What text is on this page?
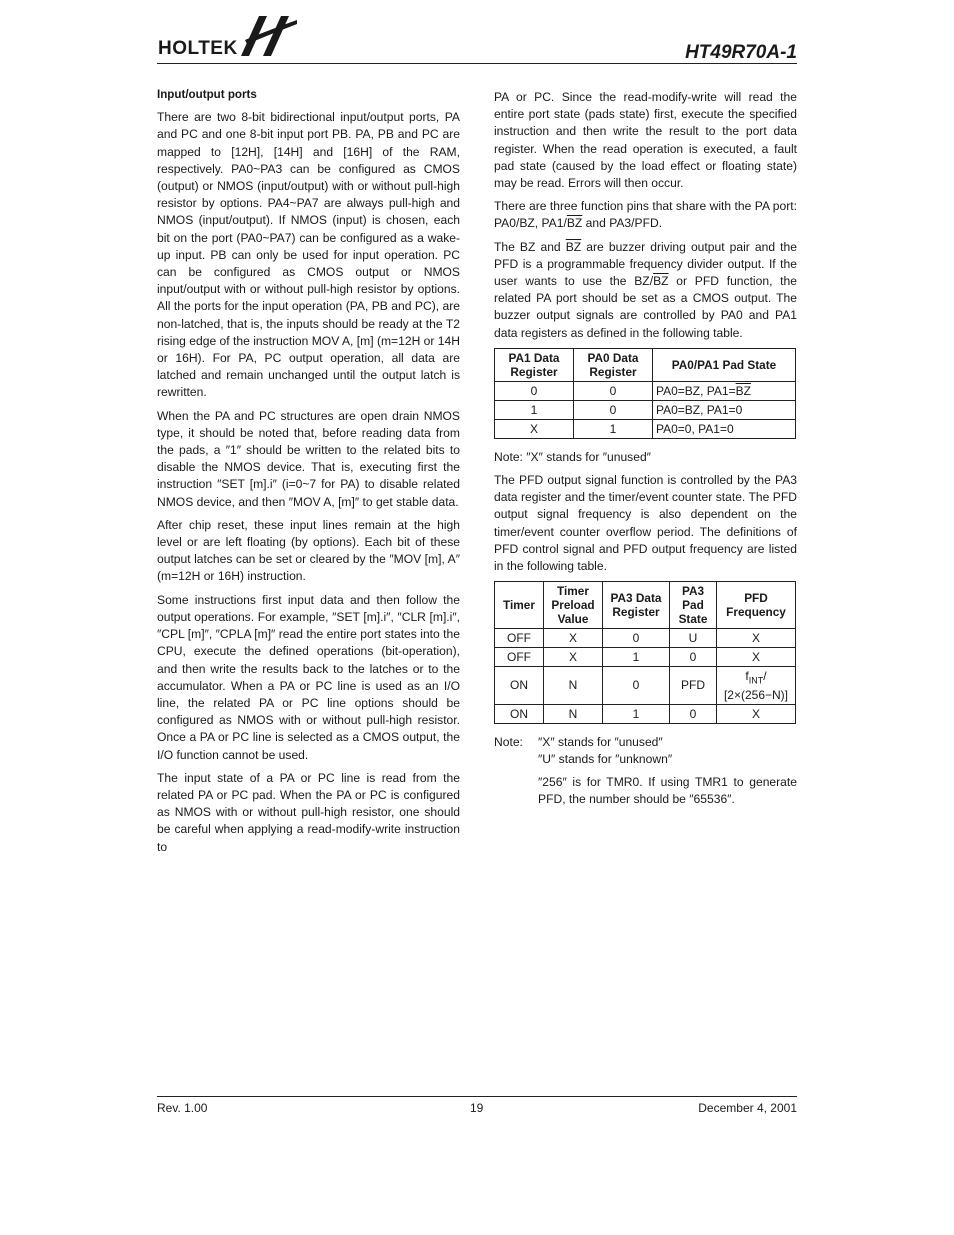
HOLTEK	HT49R70A-1
Input/output ports

There are two 8-bit bidirectional input/output ports, PA and PC and one 8-bit input port PB. PA, PB and PC are mapped to [12H], [14H] and [16H] of the RAM, respectively. PA0~PA3 can be configured as CMOS (output) or NMOS (input/output) with or without pull-high resistor by options. PA4~PA7 are always pull-high and NMOS (input/output). If NMOS (input) is chosen, each bit on the port (PA0~PA7) can be configured as a wake-up input. PB can only be used for input operation. PC can be configured as CMOS output or NMOS input/output with or without pull-high resistor by options. All the ports for the input operation (PA, PB and PC), are non-latched, that is, the inputs should be ready at the T2 rising edge of the instruction MOV A, [m] (m=12H or 14H or 16H). For PA, PC output operation, all data are latched and remain unchanged until the output latch is rewritten.

When the PA and PC structures are open drain NMOS type, it should be noted that, before reading data from the pads, a ″1″ should be written to the related bits to disable the NMOS device. That is, executing first the instruction ″SET [m].i″ (i=0~7 for PA) to disable related NMOS device, and then ″MOV A, [m]″ to get stable data.

After chip reset, these input lines remain at the high level or are left floating (by options). Each bit of these output latches can be set or cleared by the ″MOV [m], A″ (m=12H or 16H) instruction.

Some instructions first input data and then follow the output operations. For example, ″SET [m].i″, ″CLR [m].i″, ″CPL [m]″, ″CPLA [m]″ read the entire port states into the CPU, execute the defined operations (bit-operation), and then write the results back to the latches or to the accumulator. When a PA or PC line is used as an I/O line, the related PA or PC line options should be configured as NMOS with or without pull-high resistor. Once a PA or PC line is selected as a CMOS output, the I/O function cannot be used.

The input state of a PA or PC line is read from the related PA or PC pad. When the PA or PC is configured as NMOS with or without pull-high resistor, one should be careful when applying a read-modify-write instruction to

PA or PC. Since the read-modify-write will read the entire port state (pads state) first, execute the specified instruction and then write the result to the port data register. When the read operation is executed, a fault pad state (caused by the load effect or floating state) may be read. Errors will then occur.

There are three function pins that share with the PA port: PA0/BZ, $PA1/\overline{BZ}$ and PA3/PFD.

The BZ and $\overline{BZ}$ are buzzer driving output pair and the PFD is a programmable frequency divider output. If the user wants to use the $BZ/\overline{BZ}$ or PFD function, the related PA port should be set as a CMOS output. The buzzer output signals are controlled by PA0 and PA1 data registers as defined in the following table.

PA1 Data Register	PA0 Data Register	PA0/PA1 Pad State
0	0	PA0=BZ, $PA1=\overline{BZ}$
1	0	PA0=BZ, PA1=0
X	1	PA0=0, PA1=0

Note: ″X″ stands for ″unused″

The PFD output signal function is controlled by the PA3 data register and the timer/event counter state. The PFD output signal frequency is also dependent on the timer/event counter overflow period. The definitions of PFD control signal and PFD output frequency are listed in the following table.

Timer	Timer Preload Value	PA3 Data Register	PA3 Pad State	PFD Frequency
OFF	X	0	U	X
OFF	X	1	0	X
ON	N	0	PFD	$f_{INT}/$
[2×(256−N)]
ON	N	1	0	X
Note:	″X″ stands for ″unused″
″U″ stands for ″unknown″

″256″ is for TMR0. If using TMR1 to generate PFD, the number should be ″65536″.

Rev. 1.00	19	December 4, 2001
